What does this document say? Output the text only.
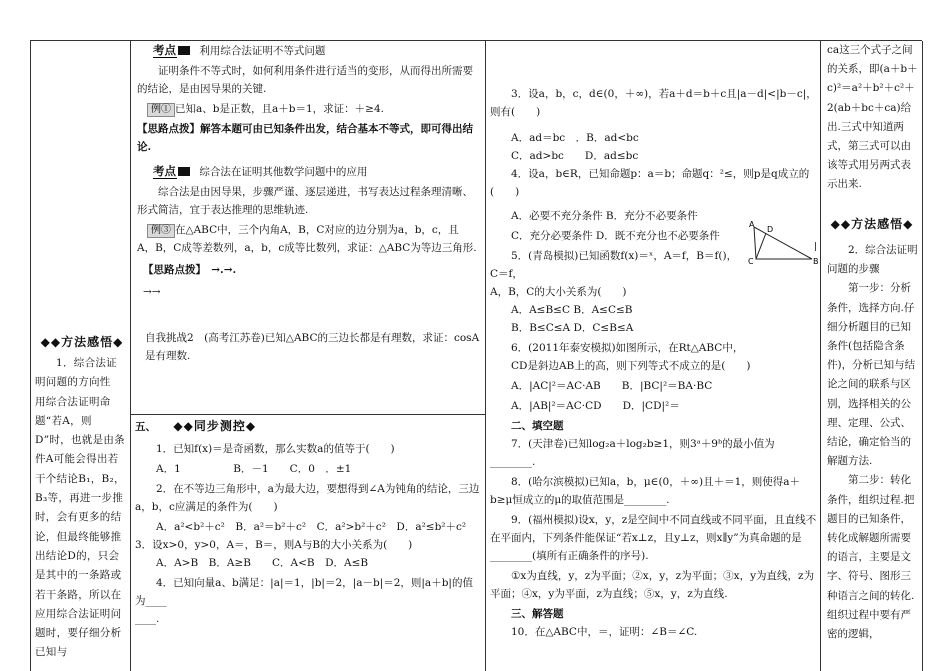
◆◆方法感悟◆

1．综合法证明问题的方向性

用综合法证明命题“若A，则D”时，也就是由条件A可能会得出若干个结论B₁，B₂，B₃等，再进一步推时，会有更多的结论，但最终能够推出结论D的，只会是其中的一条路或若干条路，所以在应用综合法证明问题时，要仔细分析已知与

考点 利用综合法证明不等式问题

证明条件不等式时，如何利用条件进行适当的变形，从而得出所需要的结论，是由因导果的关键.

例① 已知a、b是正数，且a＋b＝1，求证：＋≥4.

【思路点拨】解答本题可由已知条件出发，结合基本不等式，即可得出结论.

考点 综合法在证明其他数学问题中的应用

综合法是由因导果，步骤严谨、逐层递进，书写表达过程条理清晰、形式简洁，宜于表达推理的思维轨迹.

例③ 在△ABC中，三个内角A，B，C对应的边分别为a，b，c，且

A，B，C成等差数列，a，b，c成等比数列，求证：△ABC为等边三角形.

【思路点拨】　→.→.

→→

自我挑战2　(高考江苏卷)已知△ABC的三边长都是有理数，求证：cosA是有理数.

五、 ◆◆同步测控◆

1．已知f(x)＝是奇函数，那么实数a的值等于(　　)

A．1　　　　　B．－1　　C．0　．±1

2．在不等边三角形中，a为最大边，要想得到∠A为钝角的结论，三边a，b，c应满足的条件为(　　)

A．a²<b²＋c²　B．a²＝b²＋c²　C．a²>b²＋c²　D．a²≤b²＋c²

3．设x>0，y>0，A＝，B＝，则A与B的大小关系为(　　)

A．A>B　B．A≥B　　C．A<B　D．A≤B

4．已知向量a、b满足：|a|＝1，|b|＝2，|a－b|＝2，则|a＋b|的值为____

____.

3．设a，b，c，d∈(0，＋∞)，若a＋d＝b＋c且|a－d|<|b－c|，则有(　　)

A．ad＝bc　．B．ad<bc

C．ad>bc　　D．ad≤bc

4．设a，b∈R，已知命题p：a＝b；命题q：²≤，则p是q成立的(　　)

A．必要不充分条件 B．充分不必要条件

C．充分必要条件 D．既不充分也不必要条件

5．(青岛模拟)已知函数f(x)＝ˣ，A＝f，B＝f()，C＝f，

A，B，C的大小关系为(　　)

A．A≤B≤C B．A≤C≤B

B．B≤C≤A D．C≤B≤A

6．(2011年泰安模拟)如图所示，在Rt△ABC中，

CD是斜边AB上的高，则下列等式不成立的是(　　)

A．|AC|²＝AC·AB　　B．|BC|²＝BA·BC

A．|AB|²＝AC·CD　　D．|CD|²＝

二、填空题

7．(天津卷)已知log₂a＋log₂b≥1，则3ᵃ＋9ᵇ的最小值为________.

8．(哈尔滨模拟)已知a，b，μ∈(0，＋∞)且＋＝1，则使得a＋b≥μ恒成立的μ的取值范围是________.

9．(福州模拟)设x，y，z是空间中不同直线或不同平面，且直线不在平面内，下列条件能保证“若x⊥z，且y⊥z，则x∥y”为真命题的是________(填所有正确条件的序号).

①x为直线，y，z为平面；②x，y，z为平面；③x，y为直线，z为平面；④x，y为平面，z为直线；⑤x，y，z为直线.

三、解答题

10．在△ABC中，＝，证明：∠B＝∠C.

A
D
C	B
|

ca这三个式子之间的关系，即(a＋b＋c)²＝a²＋b²＋c²＋2(ab＋bc＋ca)给出.三式中知道两式，第三式可以由该等式用另两式表示出来.

◆◆方法感悟◆

2．综合法证明问题的步骤

第一步：分析条件，选择方向.仔细分析题目的已知条件(包括隐含条件)，分析已知与结论之间的联系与区别，选择相关的公理、定理、公式、结论，确定恰当的解题方法.

第二步：转化条件，组织过程.把题目的已知条件，转化成解题所需要的语言，主要是文字、符号、图形三种语言之间的转化.组织过程中要有严密的逻辑，
